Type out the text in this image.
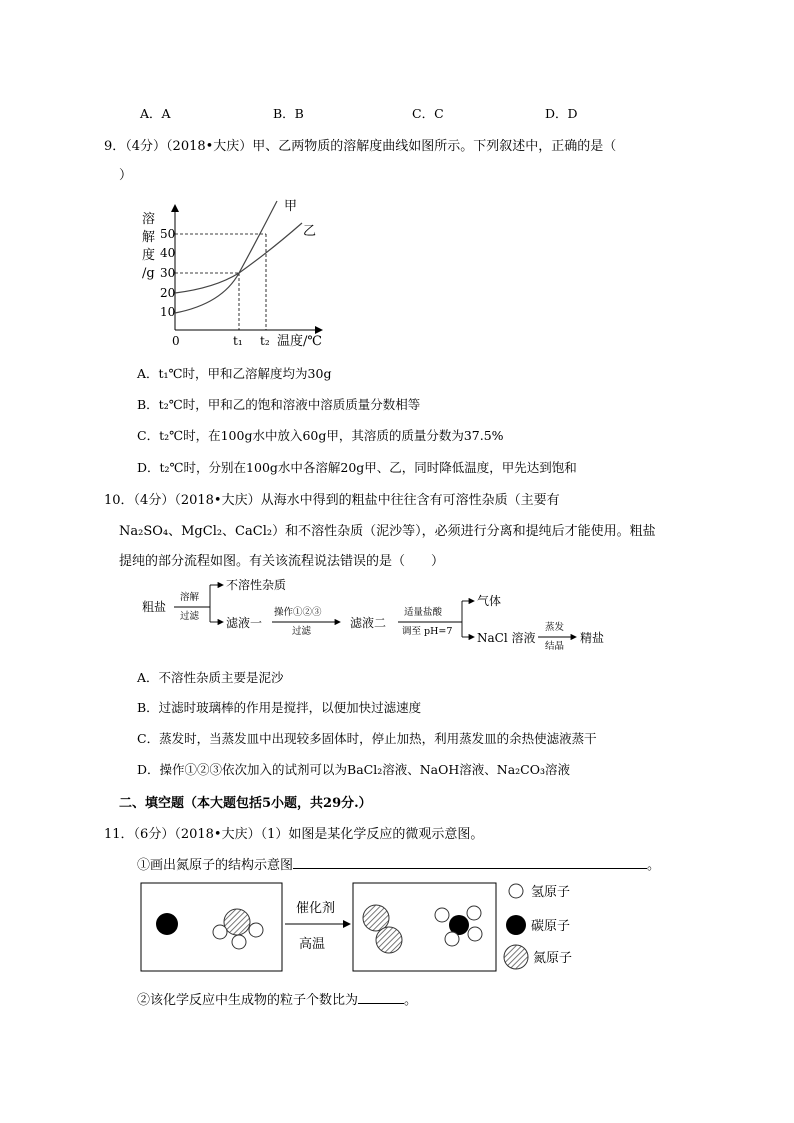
A．A	B．B	C．C	D．D
9．（4分）（2018•大庆）甲、乙两物质的溶解度曲线如图所示。下列叙述中，正确的是（
）
溶
解
度
/g
50
40
30
20
10
0	t₁ t₂ 温度/℃
甲
乙
A．t₁℃时，甲和乙溶解度均为30g
B．t₂℃时，甲和乙的饱和溶液中溶质质量分数相等
C．t₂℃时，在100g水中放入60g甲，其溶质的质量分数为37.5%
D．t₂℃时，分别在100g水中各溶解20g甲、乙，同时降低温度，甲先达到饱和
10．（4分）（2018•大庆）从海水中得到的粗盐中往往含有可溶性杂质（主要有
Na₂SO₄、MgCl₂、CaCl₂）和不溶性杂质（泥沙等），必须进行分离和提纯后才能使用。粗盐
提纯的部分流程如图。有关该流程说法错误的是（　　）
粗盐
溶解
过滤
不溶性杂质
滤液一
操作①②③
过滤
滤液二
适量盐酸
调至 pH=7
气体
NaCl 溶液
蒸发
结晶
精盐
A．不溶性杂质主要是泥沙
B．过滤时玻璃棒的作用是搅拌，以便加快过滤速度
C．蒸发时，当蒸发皿中出现较多固体时，停止加热，利用蒸发皿的余热使滤液蒸干
D．操作①②③依次加入的试剂可以为BaCl₂溶液、NaOH溶液、Na₂CO₃溶液
二、填空题（本大题包括5小题，共29分.）
11．（6分）（2018•大庆）（1）如图是某化学反应的微观示意图。
①画出氮原子的结构示意图	。
催化剂
高温
氢原子
碳原子
氮原子
②该化学反应中生成物的粒子个数比为	。
